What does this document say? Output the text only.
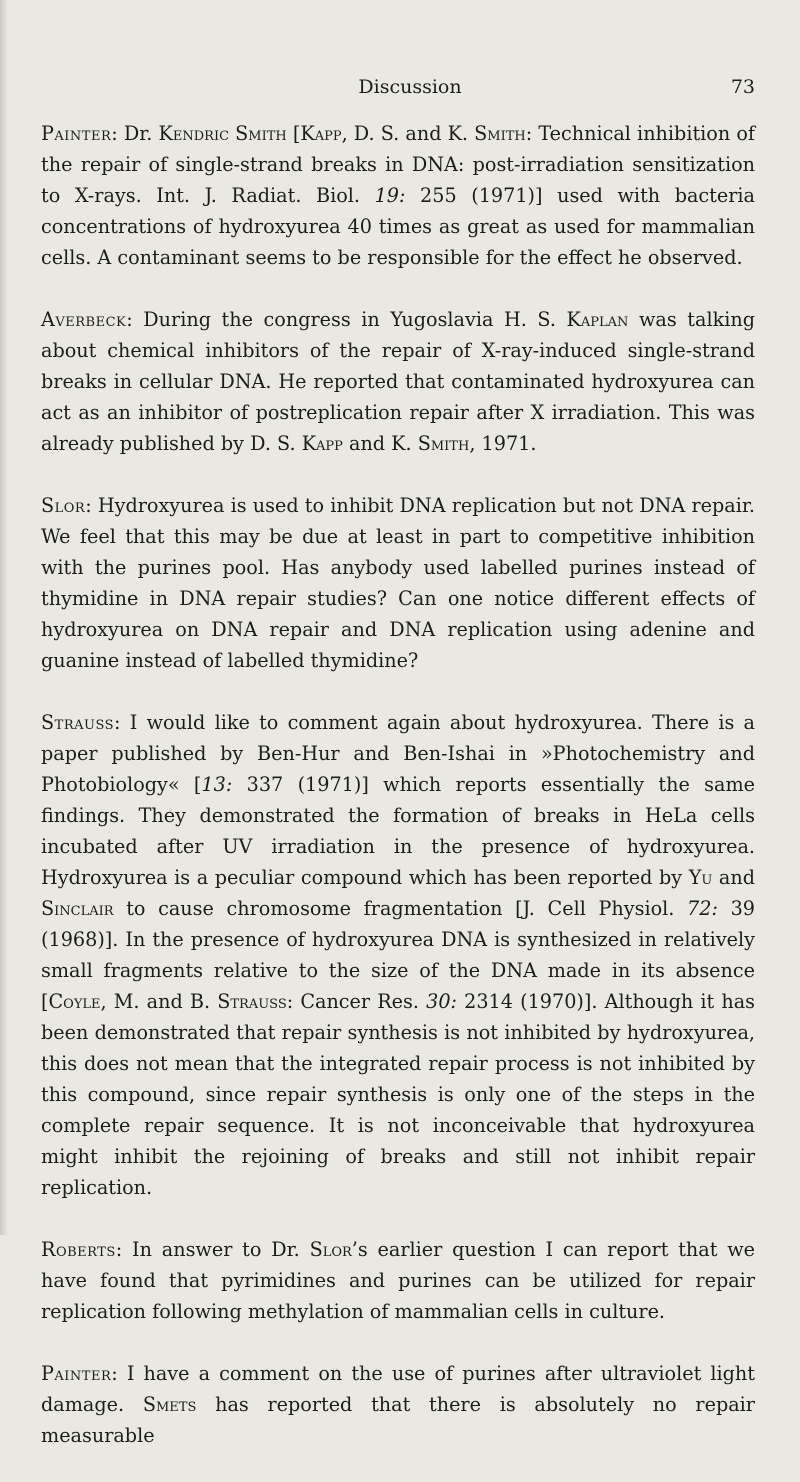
Discussion	73

Painter: Dr. Kendric Smith [Kapp, D. S. and K. Smith: Technical inhibition of the repair of single-strand breaks in DNA: post-irradiation sensitization to X-rays. Int. J. Radiat. Biol. 19: 255 (1971)] used with bacteria concentrations of hydroxyurea 40 times as great as used for mammalian cells. A contaminant seems to be responsible for the effect he observed.

Averbeck: During the congress in Yugoslavia H. S. Kaplan was talking about chemical inhibitors of the repair of X-ray-induced single-strand breaks in cellular DNA. He reported that contaminated hydroxyurea can act as an inhibitor of postreplication repair after X irradiation. This was already published by D. S. Kapp and K. Smith, 1971.

Slor: Hydroxyurea is used to inhibit DNA replication but not DNA repair. We feel that this may be due at least in part to competitive inhibition with the purines pool. Has anybody used labelled purines instead of thymidine in DNA repair studies? Can one notice different effects of hydroxyurea on DNA repair and DNA replication using adenine and guanine instead of labelled thymidine?

Strauss: I would like to comment again about hydroxyurea. There is a paper published by Ben-Hur and Ben-Ishai in »Photochemistry and Photobiology« [13: 337 (1971)] which reports essentially the same findings. They demonstrated the formation of breaks in HeLa cells incubated after UV irradiation in the presence of hydroxyurea. Hydroxyurea is a peculiar compound which has been reported by Yu and Sinclair to cause chromosome fragmentation [J. Cell Physiol. 72: 39 (1968)]. In the presence of hydroxyurea DNA is synthesized in relatively small fragments relative to the size of the DNA made in its absence [Coyle, M. and B. Strauss: Cancer Res. 30: 2314 (1970)]. Although it has been demonstrated that repair synthesis is not inhibited by hydroxyurea, this does not mean that the integrated repair process is not inhibited by this compound, since repair synthesis is only one of the steps in the complete repair sequence. It is not inconceivable that hydroxyurea might inhibit the rejoining of breaks and still not inhibit repair replication.

Roberts: In answer to Dr. Slor’s earlier question I can report that we have found that pyrimidines and purines can be utilized for repair replication following methylation of mammalian cells in culture.

Painter: I have a comment on the use of purines after ultraviolet light damage. Smets has reported that there is absolutely no repair measurable
